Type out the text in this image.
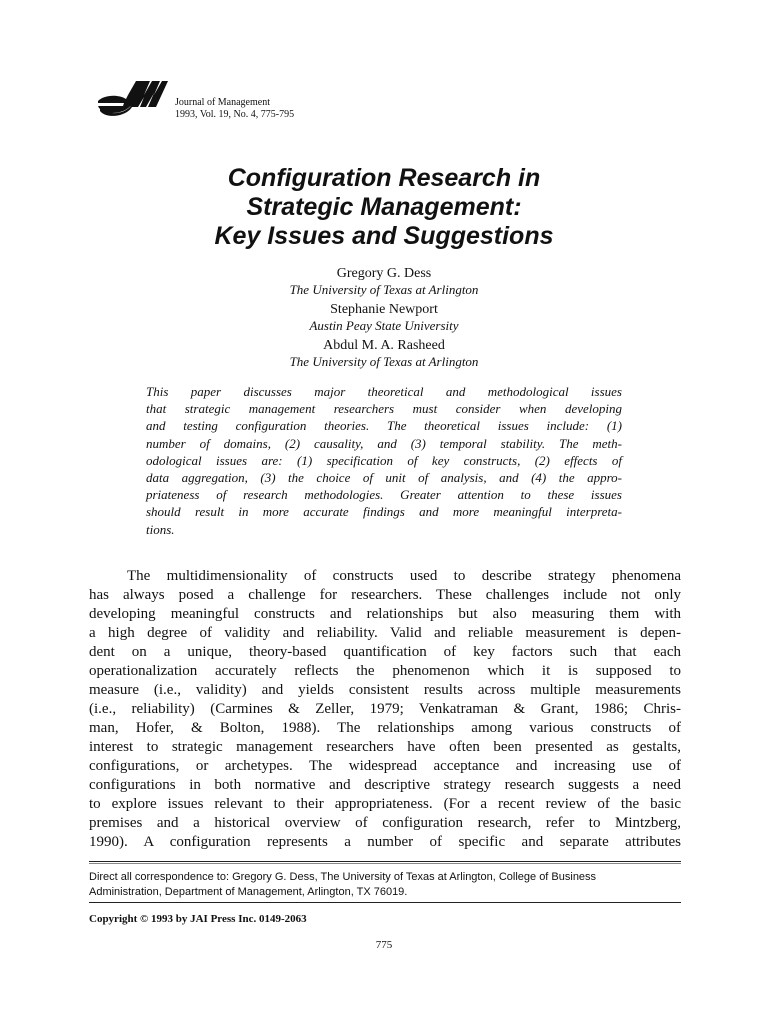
Journal of Management
1993, Vol. 19, No. 4, 775-795
Configuration Research in
Strategic Management:
Key Issues and Suggestions
Gregory G. Dess
The University of Texas at Arlington
Stephanie Newport
Austin Peay State University
Abdul M. A. Rasheed
The University of Texas at Arlington
This paper discusses major theoretical and methodological issues
that strategic management researchers must consider when developing
and testing configuration theories. The theoretical issues include: (1)
number of domains, (2) causality, and (3) temporal stability. The meth-
odological issues are: (1) specification of key constructs, (2) effects of
data aggregation, (3) the choice of unit of analysis, and (4) the appro-
priateness of research methodologies. Greater attention to these issues
should result in more accurate findings and more meaningful interpreta-
tions.
The multidimensionality of constructs used to describe strategy phenomena
has always posed a challenge for researchers. These challenges include not only
developing meaningful constructs and relationships but also measuring them with
a high degree of validity and reliability. Valid and reliable measurement is depen-
dent on a unique, theory-based quantification of key factors such that each
operationalization accurately reflects the phenomenon which it is supposed to
measure (i.e., validity) and yields consistent results across multiple measurements
(i.e., reliability) (Carmines & Zeller, 1979; Venkatraman & Grant, 1986; Chris-
man, Hofer, & Bolton, 1988). The relationships among various constructs of
interest to strategic management researchers have often been presented as gestalts,
configurations, or archetypes. The widespread acceptance and increasing use of
configurations in both normative and descriptive strategy research suggests a need
to explore issues relevant to their appropriateness. (For a recent review of the basic
premises and a historical overview of configuration research, refer to Mintzberg,
1990). A configuration represents a number of specific and separate attributes
Direct all correspondence to: Gregory G. Dess, The University of Texas at Arlington, College of Business
Administration, Department of Management, Arlington, TX 76019.
Copyright © 1993 by JAI Press Inc. 0149-2063
775
